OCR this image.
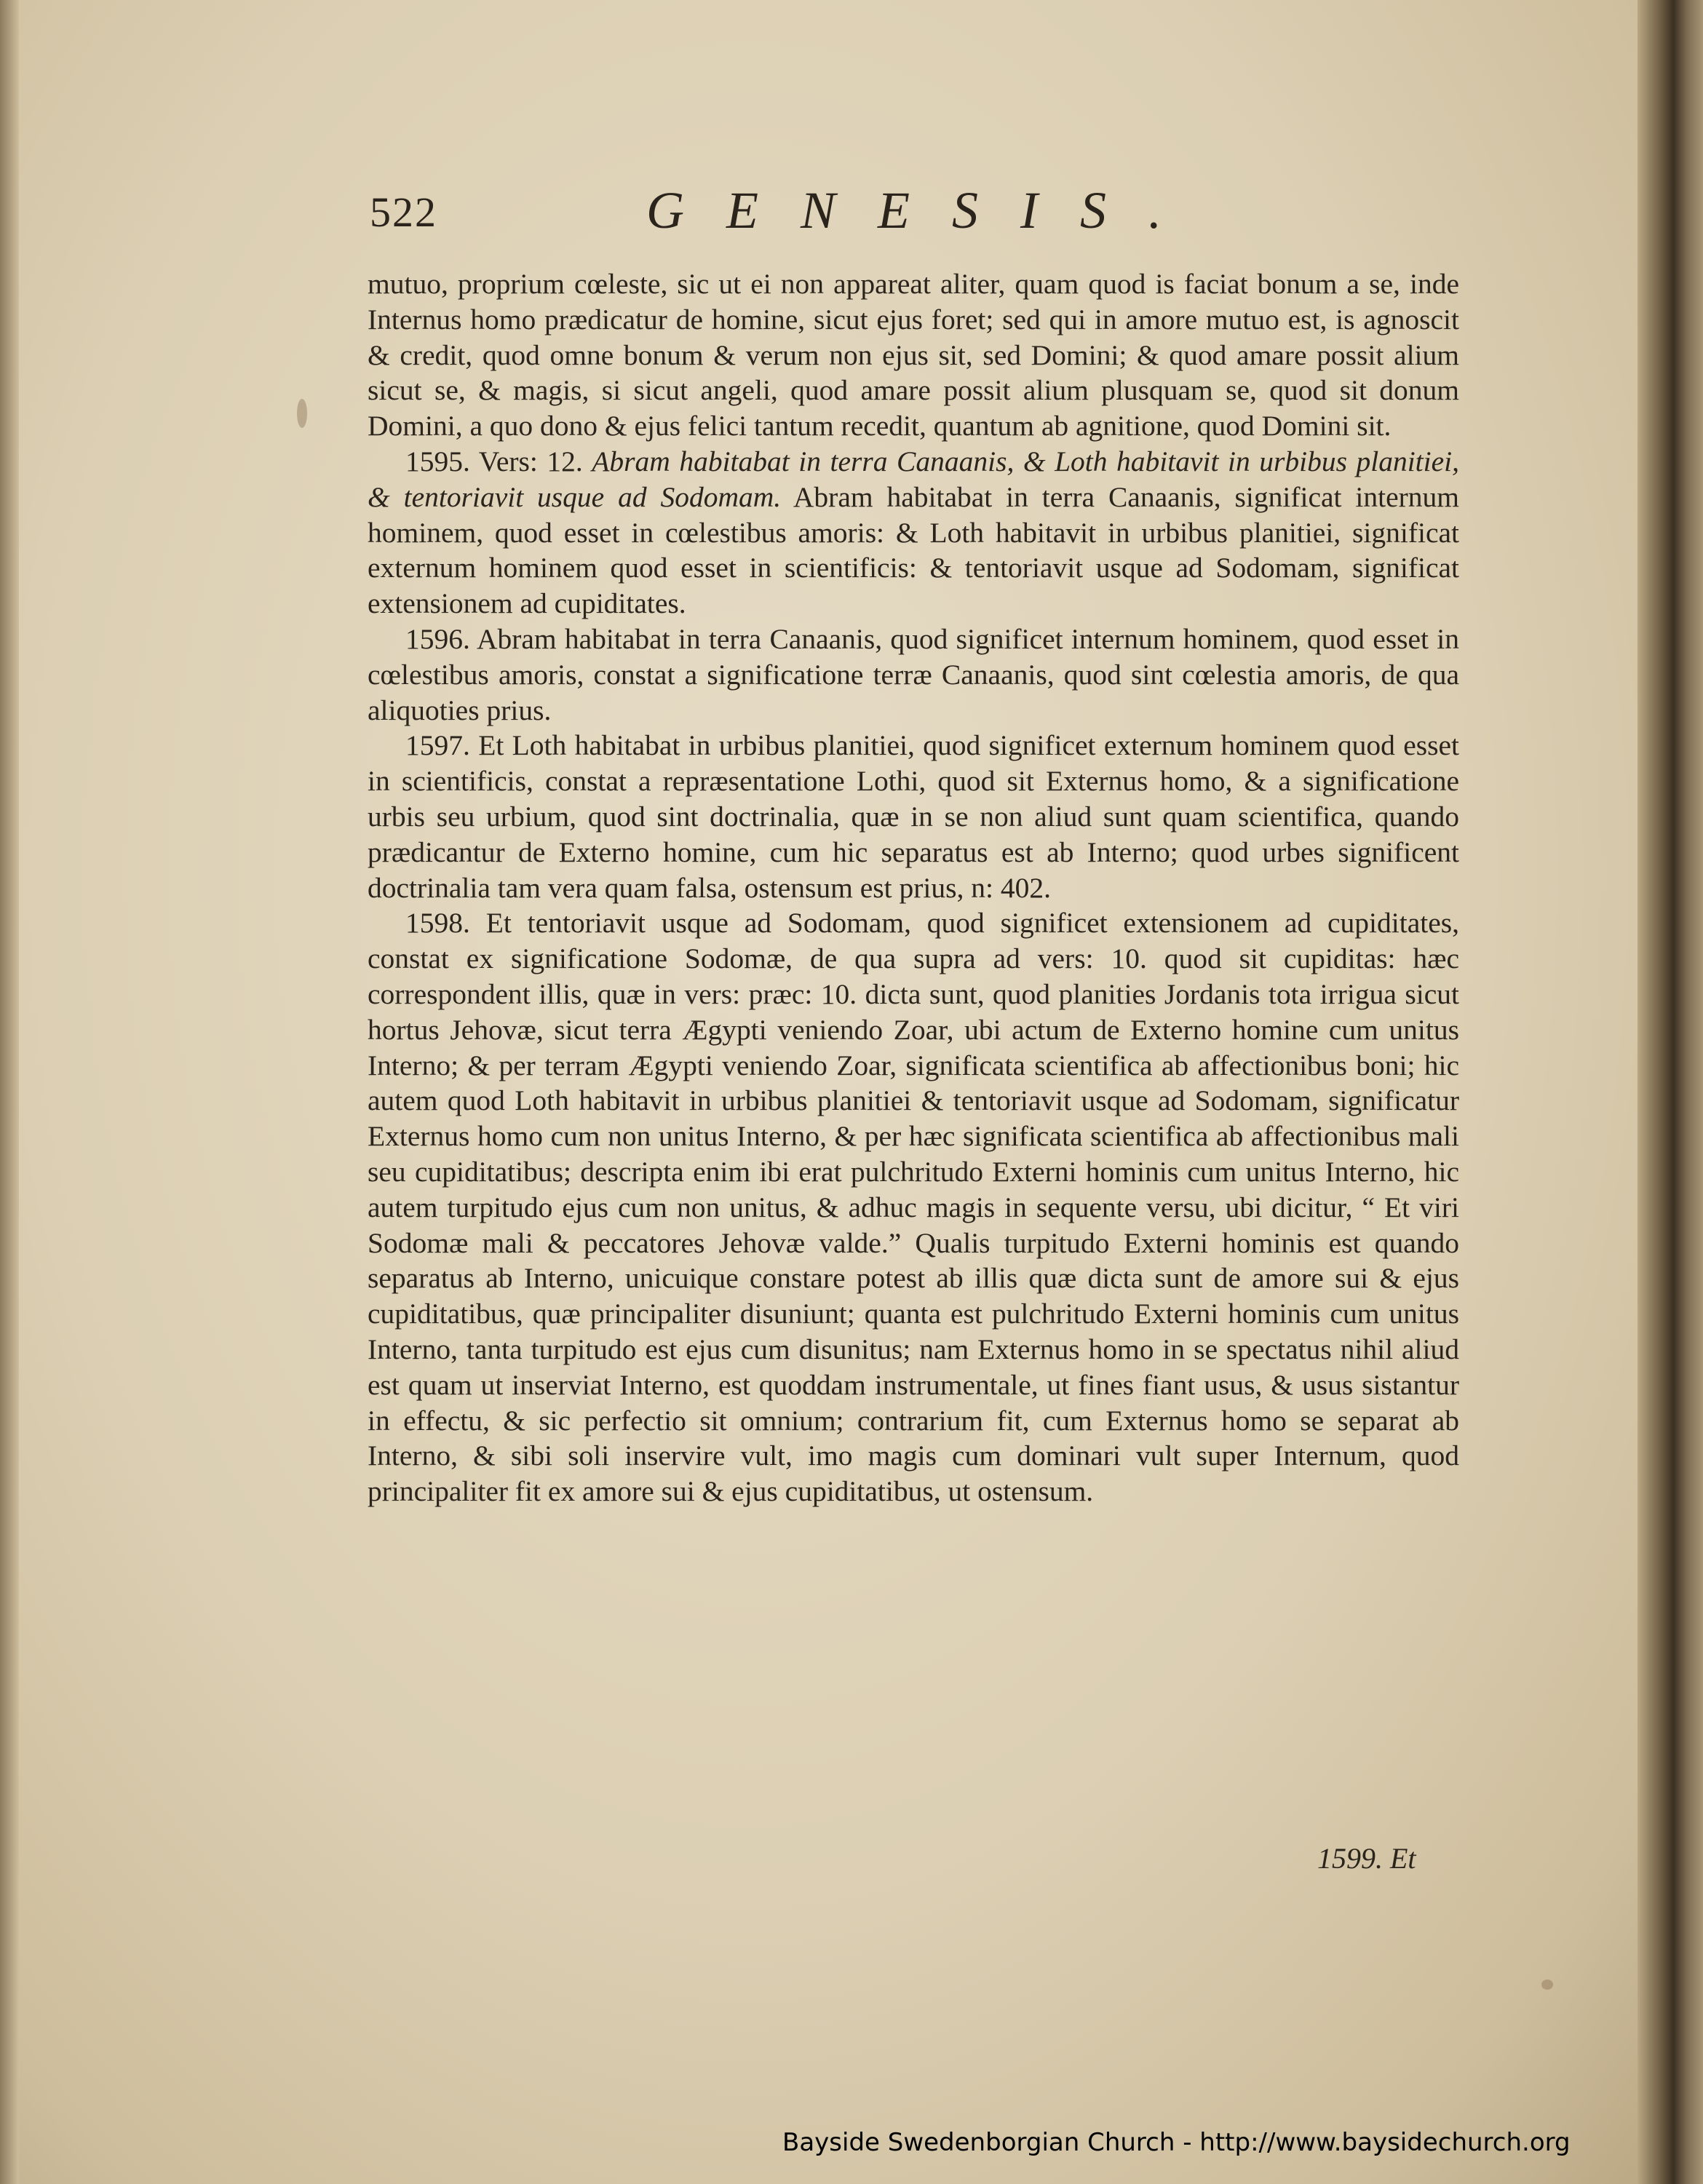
522	GENESIS.

mutuo, proprium cœleste, sic ut ei non appareat aliter, quam quod is faciat bonum a se, inde Internus homo prædicatur de homine, sicut ejus foret; sed qui in amore mutuo est, is agnoscit & credit, quod omne bonum & verum non ejus sit, sed Domini; & quod amare possit alium sicut se, & magis, si sicut angeli, quod amare possit alium plusquam se, quod sit donum Domini, a quo dono & ejus felici tantum recedit, quantum ab agnitione, quod Domini sit.

1595. Vers: 12. Abram habitabat in terra Canaanis, & Loth habitavit in urbibus planitiei, & tentoriavit usque ad Sodomam. Abram habitabat in terra Canaanis, significat internum hominem, quod esset in cœlestibus amoris: & Loth habitavit in urbibus planitiei, significat externum hominem quod esset in scientificis: & tentoriavit usque ad Sodomam, significat extensionem ad cupiditates.

1596. Abram habitabat in terra Canaanis, quod significet internum hominem, quod esset in cœlestibus amoris, constat a significatione terræ Canaanis, quod sint cœlestia amoris, de qua aliquoties prius.

1597. Et Loth habitabat in urbibus planitiei, quod significet externum hominem quod esset in scientificis, constat a repræsentatione Lothi, quod sit Externus homo, & a significatione urbis seu urbium, quod sint doctrinalia, quæ in se non aliud sunt quam scientifica, quando prædicantur de Externo homine, cum hic separatus est ab Interno; quod urbes significent doctrinalia tam vera quam falsa, ostensum est prius, n: 402.

1598. Et tentoriavit usque ad Sodomam, quod significet extensionem ad cupiditates, constat ex significatione Sodomæ, de qua supra ad vers: 10. quod sit cupiditas: hæc correspondent illis, quæ in vers: præc: 10. dicta sunt, quod planities Jordanis tota irrigua sicut hortus Jehovæ, sicut terra Ægypti veniendo Zoar, ubi actum de Externo homine cum unitus Interno; & per terram Ægypti veniendo Zoar, significata scientifica ab affectionibus boni; hic autem quod Loth habitavit in urbibus planitiei & tentoriavit usque ad Sodomam, significatur Externus homo cum non unitus Interno, & per hæc significata scientifica ab affectionibus mali seu cupiditatibus; descripta enim ibi erat pulchritudo Externi hominis cum unitus Interno, hic autem turpitudo ejus cum non unitus, & adhuc magis in sequente versu, ubi dicitur, “ Et viri Sodomæ mali & peccatores Jehovæ valde.” Qualis turpitudo Externi hominis est quando separatus ab Interno, unicuique constare potest ab illis quæ dicta sunt de amore sui & ejus cupiditatibus, quæ principaliter disuniunt; quanta est pulchritudo Externi hominis cum unitus Interno, tanta turpitudo est ejus cum disunitus; nam Externus homo in se spectatus nihil aliud est quam ut inserviat Interno, est quoddam instrumentale, ut fines fiant usus, & usus sistantur in effectu, & sic perfectio sit omnium; contrarium fit, cum Externus homo se separat ab Interno, & sibi soli inservire vult, imo magis cum dominari vult super Internum, quod principaliter fit ex amore sui & ejus cupiditatibus, ut ostensum.

1599. Et
Bayside Swedenborgian Church - http://www.baysidechurch.org
